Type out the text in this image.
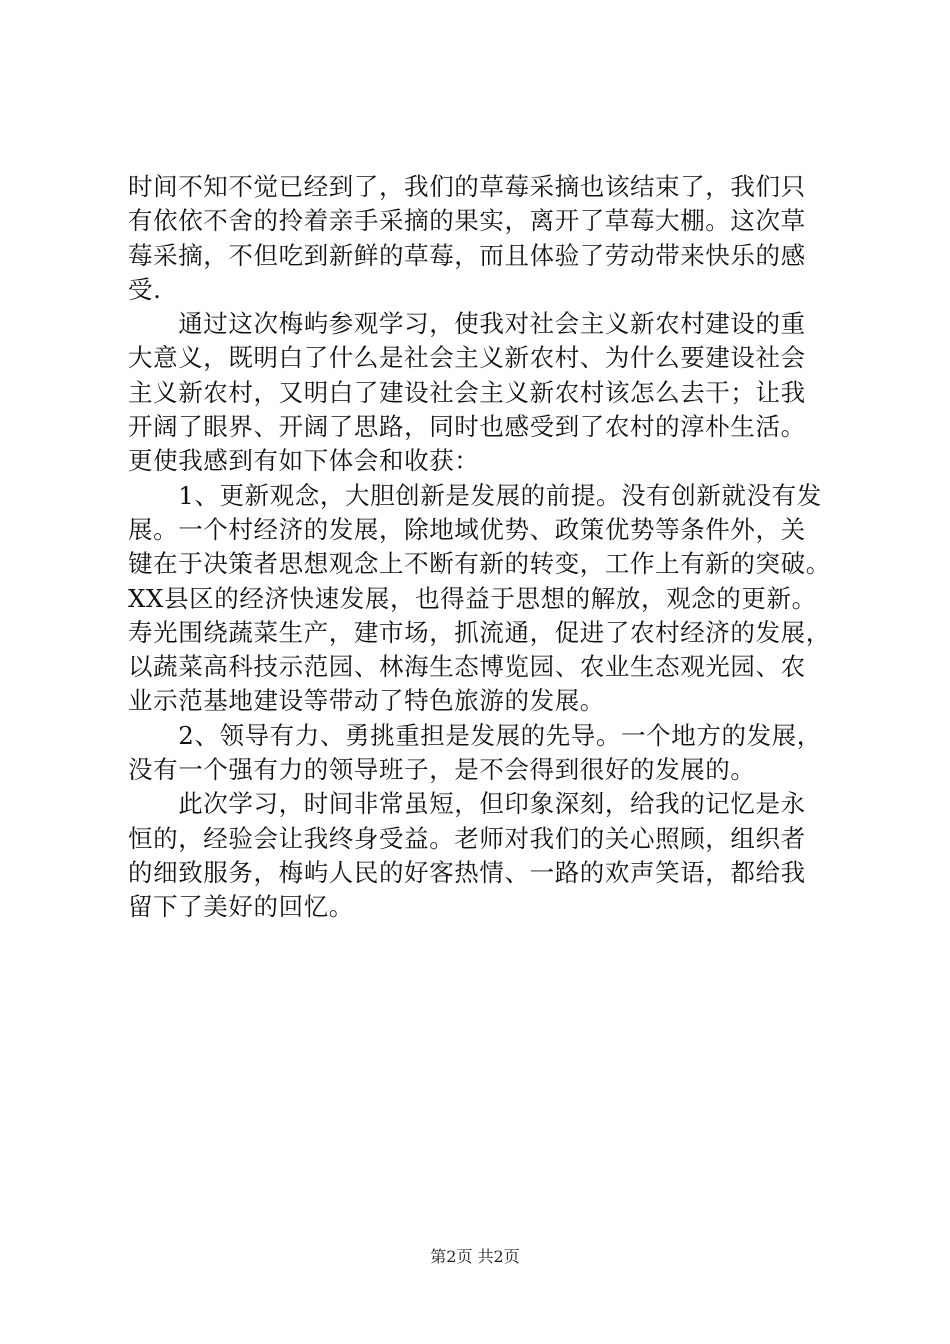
时间不知不觉已经到了，我们的草莓采摘也该结束了，我们只
有依依不舍的拎着亲手采摘的果实，离开了草莓大棚。这次草
莓采摘，不但吃到新鲜的草莓，而且体验了劳动带来快乐的感
受.
　　通过这次梅屿参观学习，使我对社会主义新农村建设的重
大意义，既明白了什么是社会主义新农村、为什么要建设社会
主义新农村，又明白了建设社会主义新农村该怎么去干；让我
开阔了眼界、开阔了思路，同时也感受到了农村的淳朴生活。
更使我感到有如下体会和收获：
　　1、更新观念，大胆创新是发展的前提。没有创新就没有发
展。一个村经济的发展，除地域优势、政策优势等条件外，关
键在于决策者思想观念上不断有新的转变，工作上有新的突破。
XX县区的经济快速发展，也得益于思想的解放，观念的更新。
寿光围绕蔬菜生产，建市场，抓流通，促进了农村经济的发展，
以蔬菜高科技示范园、林海生态博览园、农业生态观光园、农
业示范基地建设等带动了特色旅游的发展。
　　2、领导有力、勇挑重担是发展的先导。一个地方的发展，
没有一个强有力的领导班子，是不会得到很好的发展的。
　　此次学习，时间非常虽短，但印象深刻，给我的记忆是永
恒的，经验会让我终身受益。老师对我们的关心照顾，组织者
的细致服务，梅屿人民的好客热情、一路的欢声笑语，都给我
留下了美好的回忆。
第2页 共2页
